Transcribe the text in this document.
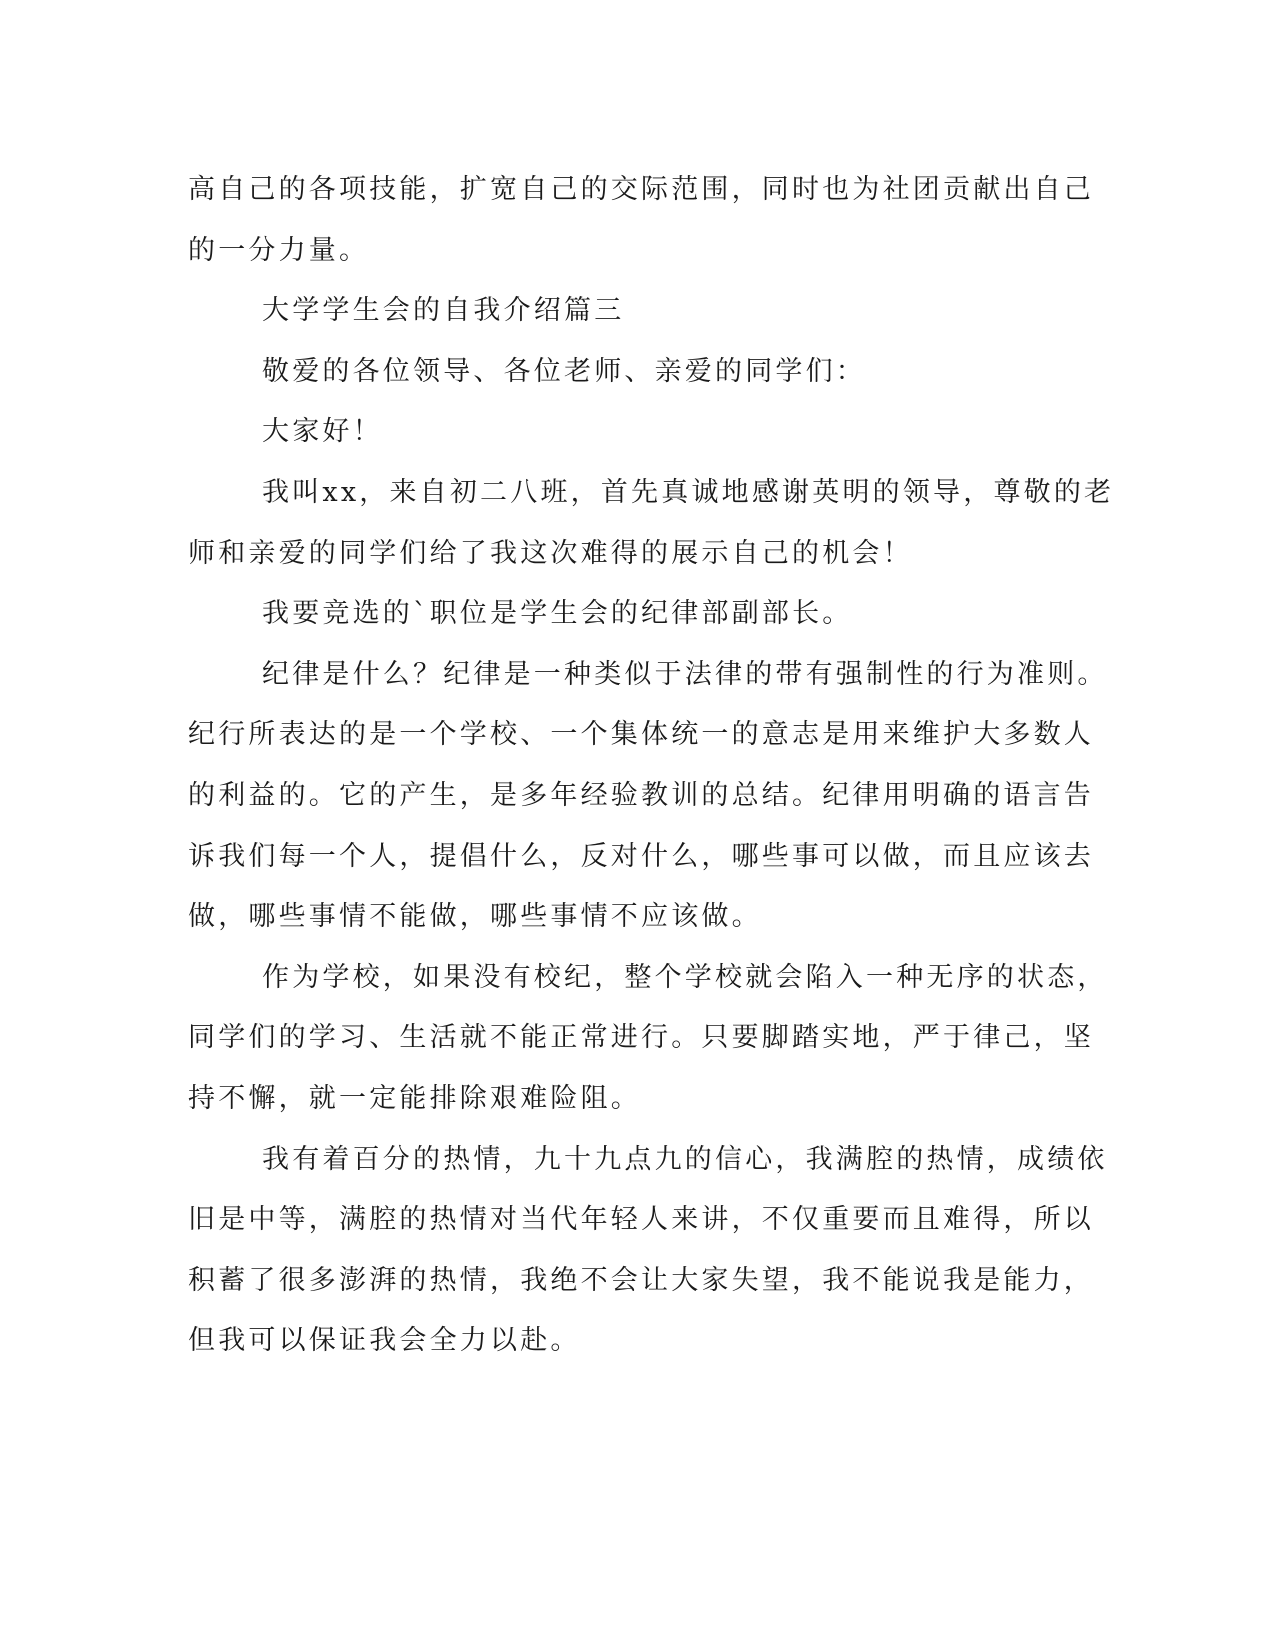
高自己的各项技能，扩宽自己的交际范围，同时也为社团贡献出自己
的一分力量。
大学学生会的自我介绍篇三
敬爱的各位领导、各位老师、亲爱的同学们：
大家好！
我叫xx，来自初二八班，首先真诚地感谢英明的领导，尊敬的老
师和亲爱的同学们给了我这次难得的展示自己的机会！
我要竞选的`职位是学生会的纪律部副部长。
纪律是什么？纪律是一种类似于法律的带有强制性的行为准则。
纪行所表达的是一个学校、一个集体统一的意志是用来维护大多数人
的利益的。它的产生，是多年经验教训的总结。纪律用明确的语言告
诉我们每一个人，提倡什么，反对什么，哪些事可以做，而且应该去
做，哪些事情不能做，哪些事情不应该做。
作为学校，如果没有校纪，整个学校就会陷入一种无序的状态，
同学们的学习、生活就不能正常进行。只要脚踏实地，严于律己，坚
持不懈，就一定能排除艰难险阻。
我有着百分的热情，九十九点九的信心，我满腔的热情，成绩依
旧是中等，满腔的热情对当代年轻人来讲，不仅重要而且难得，所以
积蓄了很多澎湃的热情，我绝不会让大家失望，我不能说我是能力，
但我可以保证我会全力以赴。
